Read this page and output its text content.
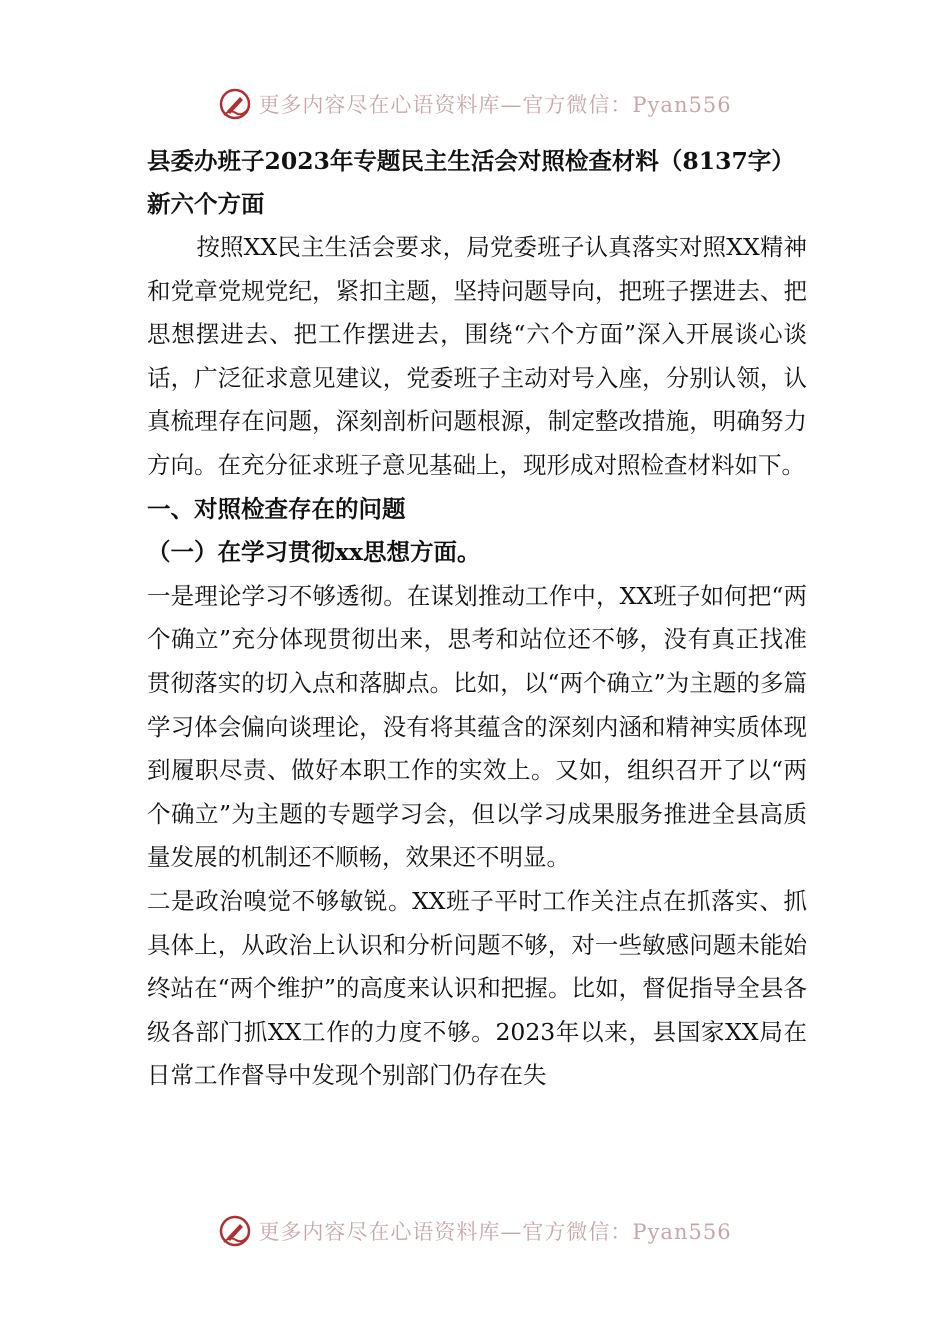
更多内容尽在心语资料库—官方微信：Pyan556

县委办班子2023年专题民主生活会对照检查材料（8137字）新六个方面

按照XX民主生活会要求，局党委班子认真落实对照XX精神和党章党规党纪，紧扣主题，坚持问题导向，把班子摆进去、把思想摆进去、把工作摆进去，围绕“六个方面”深入开展谈心谈话，广泛征求意见建议，党委班子主动对号入座，分别认领，认真梳理存在问题，深刻剖析问题根源，制定整改措施，明确努力方向。在充分征求班子意见基础上，现形成对照检查材料如下。

一、对照检查存在的问题

（一）在学习贯彻xx思想方面。

一是理论学习不够透彻。在谋划推动工作中，XX班子如何把“两个确立”充分体现贯彻出来，思考和站位还不够，没有真正找准贯彻落实的切入点和落脚点。比如，以“两个确立”为主题的多篇学习体会偏向谈理论，没有将其蕴含的深刻内涵和精神实质体现到履职尽责、做好本职工作的实效上。又如，组织召开了以“两个确立”为主题的专题学习会，但以学习成果服务推进全县高质量发展的机制还不顺畅，效果还不明显。

二是政治嗅觉不够敏锐。XX班子平时工作关注点在抓落实、抓具体上，从政治上认识和分析问题不够，对一些敏感问题未能始终站在“两个维护”的高度来认识和把握。比如，督促指导全县各级各部门抓XX工作的力度不够。2023年以来，县国家XX局在日常工作督导中发现个别部门仍存在失

更多内容尽在心语资料库—官方微信：Pyan556
